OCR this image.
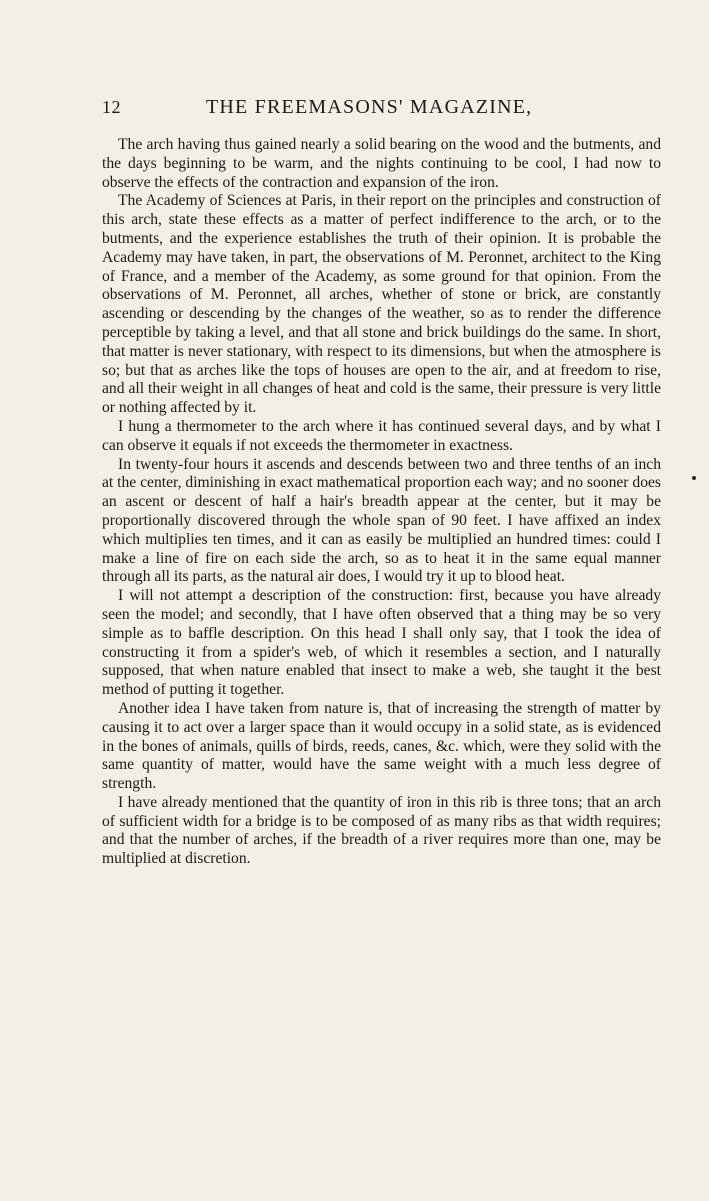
12	THE FREEMASONS' MAGAZINE,

The arch having thus gained nearly a solid bearing on the wood and the butments, and the days beginning to be warm, and the nights continuing to be cool, I had now to observe the effects of the contraction and expansion of the iron.

The Academy of Sciences at Paris, in their report on the principles and construction of this arch, state these effects as a matter of perfect indifference to the arch, or to the butments, and the experience establishes the truth of their opinion. It is probable the Academy may have taken, in part, the observations of M. Peronnet, architect to the King of France, and a member of the Academy, as some ground for that opinion. From the observations of M. Peronnet, all arches, whether of stone or brick, are constantly ascending or descending by the changes of the weather, so as to render the difference perceptible by taking a level, and that all stone and brick buildings do the same. In short, that matter is never stationary, with respect to its dimensions, but when the atmosphere is so; but that as arches like the tops of houses are open to the air, and at freedom to rise, and all their weight in all changes of heat and cold is the same, their pressure is very little or nothing affected by it.

I hung a thermometer to the arch where it has continued several days, and by what I can observe it equals if not exceeds the thermometer in exactness.

In twenty-four hours it ascends and descends between two and three tenths of an inch at the center, diminishing in exact mathematical proportion each way; and no sooner does an ascent or descent of half a hair's breadth appear at the center, but it may be proportionally discovered through the whole span of 90 feet. I have affixed an index which multiplies ten times, and it can as easily be multiplied an hundred times: could I make a line of fire on each side the arch, so as to heat it in the same equal manner through all its parts, as the natural air does, I would try it up to blood heat.

I will not attempt a description of the construction: first, because you have already seen the model; and secondly, that I have often observed that a thing may be so very simple as to baffle description. On this head I shall only say, that I took the idea of constructing it from a spider's web, of which it resembles a section, and I naturally supposed, that when nature enabled that insect to make a web, she taught it the best method of putting it together.

Another idea I have taken from nature is, that of increasing the strength of matter by causing it to act over a larger space than it would occupy in a solid state, as is evidenced in the bones of animals, quills of birds, reeds, canes, &c. which, were they solid with the same quantity of matter, would have the same weight with a much less degree of strength.

I have already mentioned that the quantity of iron in this rib is three tons; that an arch of sufficient width for a bridge is to be composed of as many ribs as that width requires; and that the number of arches, if the breadth of a river requires more than one, may be multiplied at discretion.
